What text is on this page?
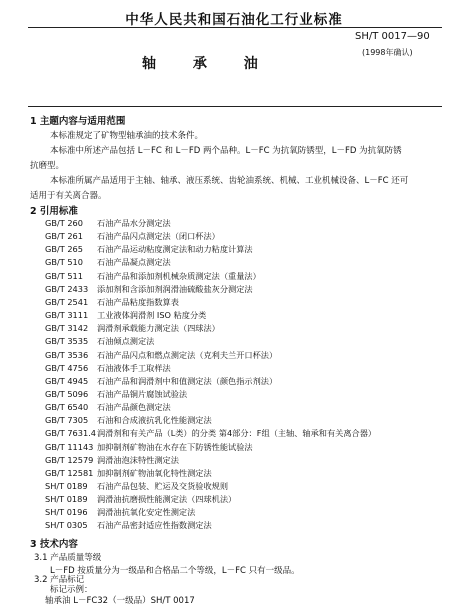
中华人民共和国石油化工行业标准
SH/T 0017—90
(1998年确认)
轴 承 油
1 主题内容与适用范围
本标准规定了矿物型轴承油的技术条件。
本标准中所述产品包括 L－FC 和 L－FD 两个品种。L－FC 为抗氧防锈型，L－FD 为抗氧防锈
抗磨型。
本标准所属产品适用于主轴、轴承、液压系统、齿轮油系统、机械、工业机械设备、L－FC 还可
适用于有关离合器。
2 引用标准
GB/T 260 石油产品水分测定法
GB/T 261 石油产品闪点测定法（闭口杯法）
GB/T 265 石油产品运动粘度测定法和动力粘度计算法
GB/T 510 石油产品凝点测定法
GB/T 511 石油产品和添加剂机械杂质测定法（重量法）
GB/T 2433 添加剂和含添加剂润滑油硫酸盐灰分测定法
GB/T 2541 石油产品粘度指数算表
GB/T 3111 工业液体润滑剂 ISO 粘度分类
GB/T 3142 润滑剂承载能力测定法（四球法）
GB/T 3535 石油倾点测定法
GB/T 3536 石油产品闪点和燃点测定法（克利夫兰开口杯法）
GB/T 4756 石油液体手工取样法
GB/T 4945 石油产品和润滑剂中和值测定法（颜色指示剂法）
GB/T 5096 石油产品铜片腐蚀试验法
GB/T 6540 石油产品颜色测定法
GB/T 7305 石油和合成液抗乳化性能测定法
GB/T 7631.4润滑剂和有关产品（L类）的分类 第4部分：F组（主轴、轴承和有关离合器）
GB/T 11143 加抑制剂矿物油在水存在下防锈性能试验法
GB/T 12579 润滑油泡沫特性测定法
GB/T 12581 加抑制剂矿物油氧化特性测定法
SH/T 0189 石油产品包装、贮运及交货验收规则
SH/T 0189 润滑油抗磨损性能测定法（四球机法）
SH/T 0196 润滑油抗氧化安定性测定法
SH/T 0305 石油产品密封适应性指数测定法
3 技术内容
3.1 产品质量等级
L－FD 按质量分为一级品和合格品二个等级，L－FC 只有一级品。
3.2 产品标记
标记示例：
轴承油 L－FC32（一级品）SH/T 0017
